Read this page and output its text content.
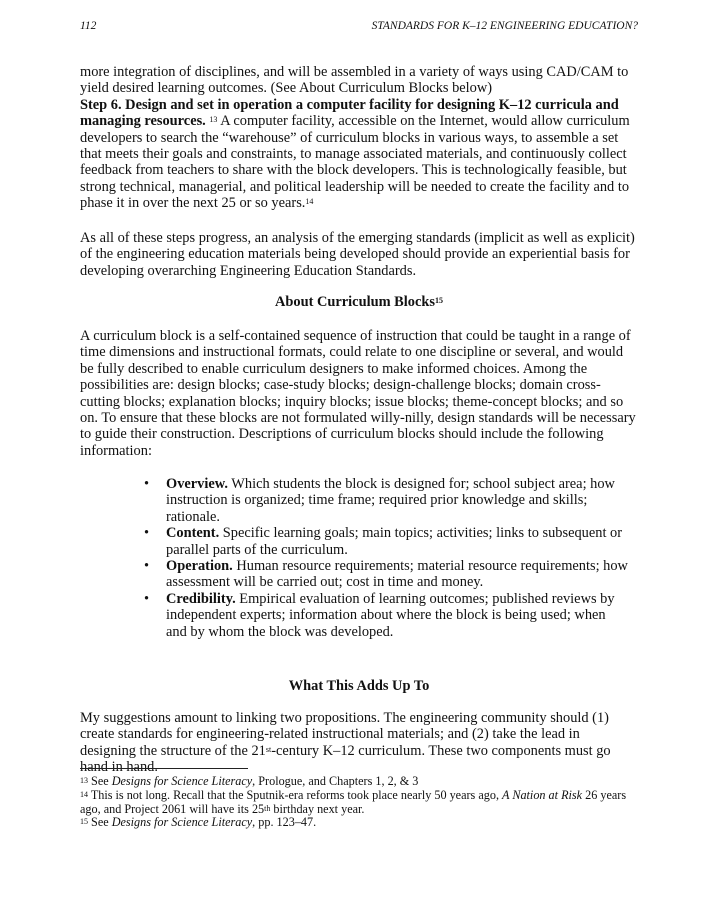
112	STANDARDS FOR K–12 ENGINEERING EDUCATION?

more integration of disciplines, and will be assembled in a variety of ways using CAD/CAM to yield desired learning outcomes. (See About Curriculum Blocks below)

Step 6. Design and set in operation a computer facility for designing K–12 curricula and managing resources. $^{13}$ A computer facility, accessible on the Internet, would allow curriculum developers to search the “warehouse” of curriculum blocks in various ways, to assemble a set that meets their goals and constraints, to manage associated materials, and continuously collect feedback from teachers to share with the block developers. This is technologically feasible, but strong technical, managerial, and political leadership will be needed to create the facility and to phase it in over the next 25 or so years.$^{14}$

As all of these steps progress, an analysis of the emerging standards (implicit as well as explicit) of the engineering education materials being developed should provide an experiential basis for developing overarching Engineering Education Standards.

About Curriculum Blocks$^{15}$

A curriculum block is a self-contained sequence of instruction that could be taught in a range of time dimensions and instructional formats, could relate to one discipline or several, and would be fully described to enable curriculum designers to make informed choices. Among the possibilities are: design blocks; case-study blocks; design-challenge blocks; domain cross-cutting blocks; explanation blocks; inquiry blocks; issue blocks; theme-concept blocks; and so on. To ensure that these blocks are not formulated willy-nilly, design standards will be necessary to guide their construction. Descriptions of curriculum blocks should include the following information:

• Overview. Which students the block is designed for; school subject area; how instruction is organized; time frame; required prior knowledge and skills; rationale.
• Content. Specific learning goals; main topics; activities; links to subsequent or parallel parts of the curriculum.
• Operation. Human resource requirements; material resource requirements; how assessment will be carried out; cost in time and money.
• Credibility. Empirical evaluation of learning outcomes; published reviews by independent experts; information about where the block is being used; when and by whom the block was developed.
What This Adds Up To

My suggestions amount to linking two propositions. The engineering community should (1) create standards for engineering-related instructional materials; and (2) take the lead in designing the structure of the 21st-century K–12 curriculum. These two components must go hand in hand.

$^{13}$ See Designs for Science Literacy, Prologue, and Chapters 1, 2, & 3
$^{14}$ This is not long. Recall that the Sputnik-era reforms took place nearly 50 years ago, A Nation at Risk 26 years ago, and Project 2061 will have its 25th birthday next year.
$^{15}$ See Designs for Science Literacy, pp. 123–47.
